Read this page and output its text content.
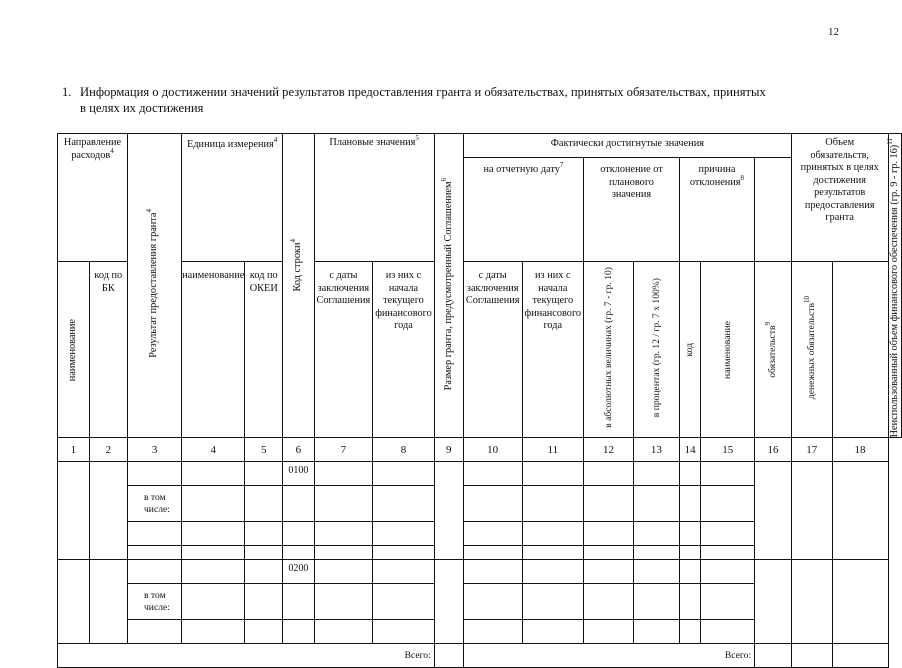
12
1. Информация о достижении значений результатов предоставления гранта и обязательствах, принятых обязательствах, принятых
в целях их достижения
Направление расходов$^4$		Результат предоставления гранта$^4$	Единица измерения$^4$		Код строки$^4$	Плановые значения$^5$		Размер гранта, предусмотренный Соглашением$^6$	Фактически достигнутые значения							Объем обязательств, принятых в целях достижения результатов предоставления гранта		Неиспользованный объем финансового обеспечения (гр. 9 - гр. 16)$^{11}$

									на отчетную дату$^7$		отклонение от планового значения		причина отклонения$^8$

наименование	код по БК		наименование	код по ОКЕИ		с даты заключения Соглашения	из них с начала текущего финансового года		с даты заключения Соглашения	из них с начала текущего финансового года	в абсолютных величинах (гр. 7 - гр. 10)	в процентах (гр. 12 / гр. 7 x 100%)	код	наименование	обязательств$^9$	денежных обязательств$^{10}$

1	2	3	4	5	6	7	8	9	10	11	12	13	14	15	16	17	18	
					0100													
		в том числе:																

					0200													
		в том числе:																

Всего:									Всего:									
